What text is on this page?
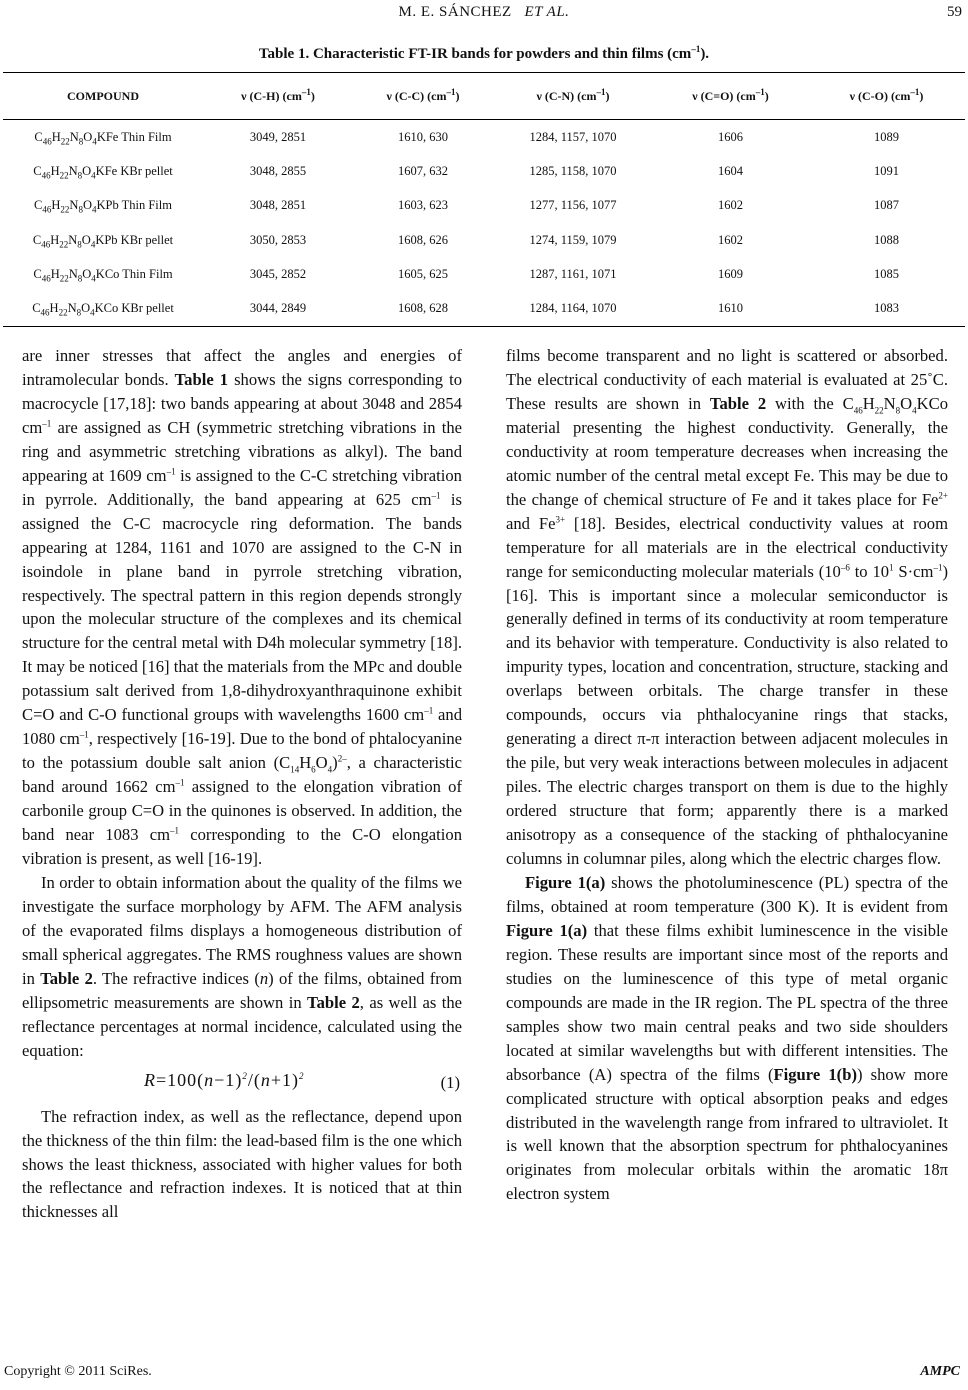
M. E. SÁNCHEZ ET AL.	59
Table 1. Characteristic FT-IR bands for powders and thin films $(cm^{-1})$.
COMPOUND	ν (C-H) $(cm^{-1})$	ν (C-C) $(cm^{-1})$	ν (C-N) $(cm^{-1})$	ν (C=O) $(cm^{-1})$	ν (C-O) $(cm^{-1})$
$C_{46}H_{22}N_8O_4KFe$ Thin Film	3049, 2851	1610, 630	1284, 1157, 1070	1606	1089
$C_{46}H_{22}N_8O_4KFe$ KBr pellet	3048, 2855	1607, 632	1285, 1158, 1070	1604	1091
$C_{46}H_{22}N_8O_4KPb$ Thin Film	3048, 2851	1603, 623	1277, 1156, 1077	1602	1087
$C_{46}H_{22}N_8O_4KPb$ KBr pellet	3050, 2853	1608, 626	1274, 1159, 1079	1602	1088
$C_{46}H_{22}N_8O_4KCo$ Thin Film	3045, 2852	1605, 625	1287, 1161, 1071	1609	1085
$C_{46}H_{22}N_8O_4KCo$ KBr pellet	3044, 2849	1608, 628	1284, 1164, 1070	1610	1083

are inner stresses that affect the angles and energies of intramolecular bonds. Table 1 shows the signs corresponding to macrocycle [17,18]: two bands appearing at about 3048 and 2854 $cm^{-1}$ are assigned as CH (symmetric stretching vibrations in the ring and asymmetric stretching vibrations as alkyl). The band appearing at 1609 $cm^{-1}$ is assigned to the C-C stretching vibration in pyrrole. Additionally, the band appearing at 625 $cm^{-1}$ is assigned the C-C macrocycle ring deformation. The bands appearing at 1284, 1161 and 1070 are assigned to the C-N in isoindole in plane band in pyrrole stretching vibration, respectively. The spectral pattern in this region depends strongly upon the molecular structure of the complexes and its chemical structure for the central metal with D4h molecular symmetry [18]. It may be noticed [16] that the materials from the MPc and double potassium salt derived from 1,8-dihydroxyanthraquinone exhibit C=O and C-O functional groups with wavelengths 1600 $cm^{-1}$ and 1080 $cm^{-1}$, respectively [16-19]. Due to the bond of phtalocyanine to the potassium double salt anion $(C_{14}H_6O_4)^{2-}$, a characteristic band around 1662 $cm^{-1}$ assigned to the elongation vibration of carbonile group C=O in the quinones is observed. In addition, the band near 1083 $cm^{-1}$ corresponding to the C-O elongation vibration is present, as well [16-19].

In order to obtain information about the quality of the films we investigate the surface morphology by AFM. The AFM analysis of the evaporated films displays a homogeneous distribution of small spherical aggregates. The RMS roughness values are shown in Table 2. The refractive indices (n) of the films, obtained from ellipsometric measurements are shown in Table 2, as well as the reflectance percentages at normal incidence, calculated using the equation:

$R=100(n-1)^2/(n+1)^2$	(1)

The refraction index, as well as the reflectance, depend upon the thickness of the thin film: the lead-based film is the one which shows the least thickness, associated with higher values for both the reflectance and refraction indexes. It is noticed that at thin thicknesses all

films become transparent and no light is scattered or absorbed. The electrical conductivity of each material is evaluated at 25˚C. These results are shown in Table 2 with the $C_{46}H_{22}N_8O_4KCo$ material presenting the highest conductivity. Generally, the conductivity at room temperature decreases when increasing the atomic number of the central metal except Fe. This may be due to the change of chemical structure of Fe and it takes place for $Fe^{2+}$ and $Fe^{3+}$ [18]. Besides, electrical conductivity values at room temperature for all materials are in the electrical conductivity range for semiconducting molecular materials ($10^{-6}$ to $10^1$ $S\cdot cm^{-1}$) [16]. This is important since a molecular semiconductor is generally defined in terms of its conductivity at room temperature and its behavior with temperature. Conductivity is also related to impurity types, location and concentration, structure, stacking and overlaps between orbitals. The charge transfer in these compounds, occurs via phthalocyanine rings that stacks, generating a direct π-π interaction between adjacent molecules in the pile, but very weak interactions between molecules in adjacent piles. The electric charges transport on them is due to the highly ordered structure that form; apparently there is a marked anisotropy as a consequence of the stacking of phthalocyanine columns in columnar piles, along which the electric charges flow.

Figure 1(a) shows the photoluminescence (PL) spectra of the films, obtained at room temperature (300 K). It is evident from Figure 1(a) that these films exhibit luminescence in the visible region. These results are important since most of the reports and studies on the luminescence of this type of metal organic compounds are made in the IR region. The PL spectra of the three samples show two main central peaks and two side shoulders located at similar wavelengths but with different intensities. The absorbance (A) spectra of the films (Figure 1(b)) show more complicated structure with optical absorption peaks and edges distributed in the wavelength range from infrared to ultraviolet. It is well known that the absorption spectrum for phthalocyanines originates from molecular orbitals within the aromatic 18π electron system

Copyright © 2011 SciRes.	AMPC
